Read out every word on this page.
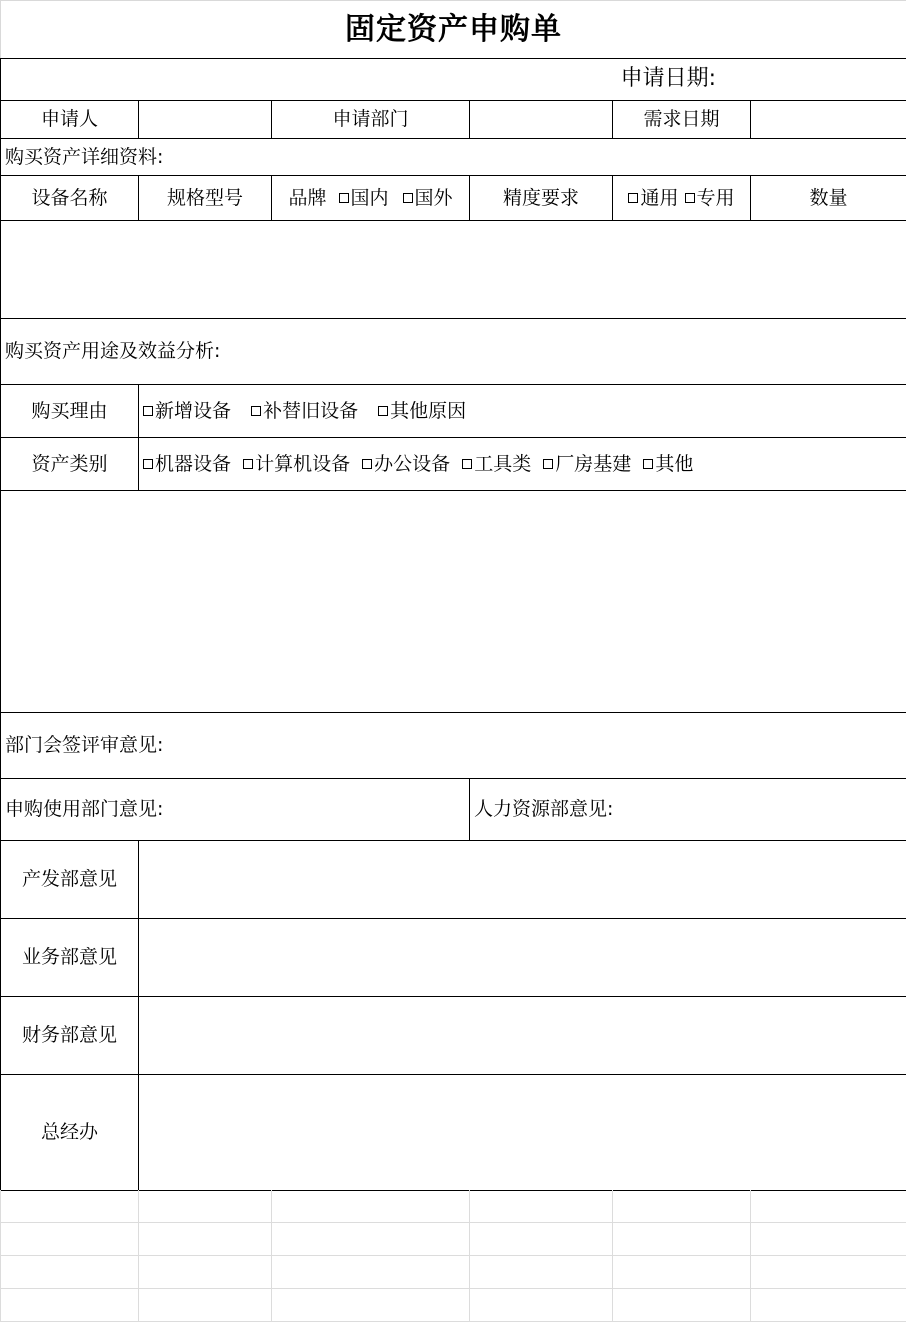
固定资产申购单					
申请日期:					
申请人		申请部门		需求日期	
购买资产详细资料:					
设备名称	规格型号	品牌 国内 国外	精度要求	通用 专用	数量

购买资产用途及效益分析:					
购买理由	新增设备 补替旧设备 其他原因				
资产类别	机器设备 计算机设备 办公设备 工具类 厂房基建 其他				

部门会签评审意见:					
申购使用部门意见:			人力资源部意见:		
产发部意见					
业务部意见					
财务部意见					
总经办					
